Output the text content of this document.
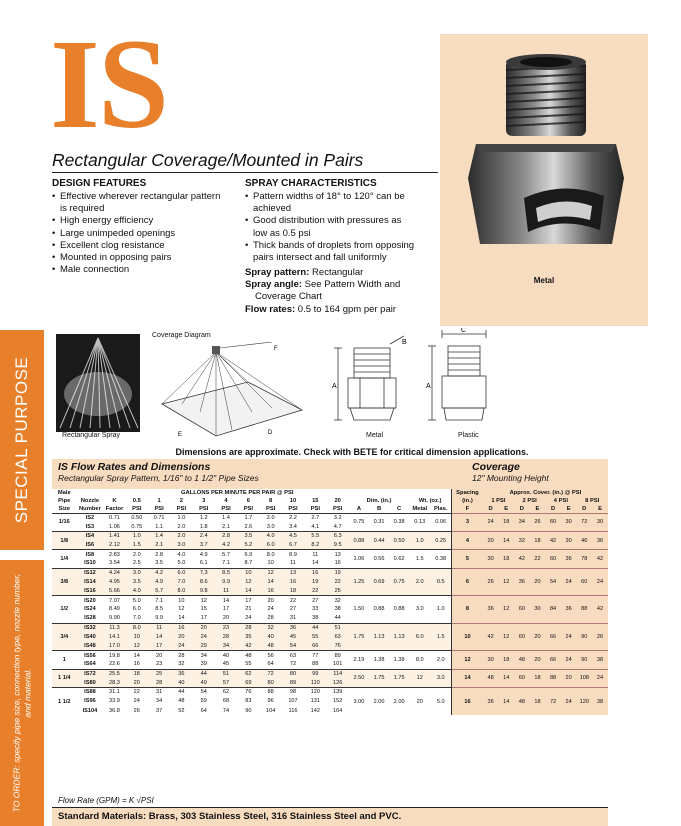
SPECIAL PURPOSE
TO ORDER: specify pipe size, connection type, nozzle number, and material.
IS
Metal
Rectangular Coverage/Mounted in Pairs
DESIGN FEATURES
• Effective wherever rectangular pattern
is required
• High energy efficiency
• Large unimpeded openings
• Excellent clog resistance
• Mounted in opposing pairs
• Male connection
SPRAY CHARACTERISTICS
• Pattern widths of 18° to 120° can be
achieved
• Good distribution with pressures as
low as 0.5 psi
• Thick bands of droplets from opposing
pairs intersect and fall uniformly
Spray pattern: Rectangular
Spray angle: See Pattern Width and
Coverage Chart
Flow rates: 0.5 to 164 gpm per pair
Rectangular Spray
Coverage Diagram
F
E	D
A
B
Metal
C
A
Plastic
Dimensions are approximate. Check with BETE for critical dimension applications.
IS Flow Rates and Dimensions
Rectangular Spray Pattern, 1/16" to 1 1/2" Pipe Sizes
Coverage
12" Mounting Height
Male			GALLONS PER MINUTE PER PAIR @ PSI															Spacing	Approx. Cover. (in.) @ PSI							
Pipe	Nozzle	K	0.5	1	2	3	4	6	8	10	15	20	Dim. (in.)			Wt. (oz.)		(in.)	1 PSI		2 PSI		4 PSI		8 PSI	
Size	Number	Factor	PSI	PSI	PSI	PSI	PSI	PSI	PSI	PSI	PSI	PSI	A	B	C	Metal	Plas.	F	D	E	D	E	D	E	D	E
1/16	IS2	0.71	0.50	0.71	1.0	1.2	1.4	1.7	2.0	2.2	2.7	3.2	0.75	0.31	0.38	0.13	0.06	3	24	18	34	26	60	30	72	30
	IS3	1.06	0.75	1.1	2.0	1.8	2.1	2.6	3.0	3.4	4.1	4.7														
1/8	IS4	1.41	1.0	1.4	2.0	2.4	2.8	3.5	4.0	4.5	5.5	6.3	0.88	0.44	0.50	1.0	0.25	4	20	14	32	18	42	30	46	36
	IS6	2.12	1.5	2.1	3.0	3.7	4.2	5.2	6.0	6.7	8.2	9.5														
1/4	IS8	2.83	2.0	2.8	4.0	4.9	5.7	6.9	8.0	8.9	11	13	1.06	0.56	0.62	1.5	0.38	5	30	18	42	22	60	36	78	42
	IS10	3.54	2.5	3.5	5.0	6.1	7.1	8.7	10	11	14	16														
3/8	IS12	4.24	3.0	4.2	6.0	7.3	8.5	10	12	13	16	19	1.25	0.69	0.75	2.0	0.5	6	26	12	36	20	54	24	60	24
	IS14	4.95	3.5	4.9	7.0	8.6	9.9	12	14	16	19	22														
	IS16	5.66	4.0	5.7	8.0	9.8	11	14	16	18	22	25														
1/2	IS20	7.07	5.0	7.1	10	12	14	17	20	22	27	32	1.50	0.88	0.88	3.0	1.0	8	36	12	60	30	84	36	88	42
	IS24	8.49	6.0	8.5	12	15	17	21	24	27	33	38														
	IS28	9.90	7.0	9.9	14	17	20	24	28	31	38	44														
3/4	IS32	11.3	8.0	11	16	20	23	28	32	36	44	51	1.75	1.13	1.13	6.0	1.5	10	42	12	60	20	66	24	90	26
	IS40	14.1	10	14	20	24	28	35	40	45	55	63														
	IS48	17.0	12	17	24	29	34	42	48	54	66	76														
1	IS56	19.8	14	20	28	34	40	48	56	63	77	89	2.19	1.38	1.38	8.0	2.0	12	30	18	48	20	66	24	90	38
	IS64	22.6	16	23	32	39	45	55	64	72	88	101														
1 1/4	IS72	25.5	18	25	36	44	51	62	72	80	99	114	2.50	1.75	1.75	12	3.0	14	48	14	60	18	88	20	108	24
	IS80	28.3	20	28	40	49	57	69	80	89	110	126														
1 1/2	IS88	31.1	22	31	44	54	62	76	88	98	120	139	3.00	2.00	2.00	20	5.0	16	36	14	48	18	72	24	120	38
	IS96	33.9	24	34	48	59	68	83	96	107	131	152														
	IS104	36.8	26	37	52	64	74	90	104	116	142	164														
Flow Rate (GPM) = K √PSI
Standard Materials: Brass, 303 Stainless Steel, 316 Stainless Steel and PVC.
